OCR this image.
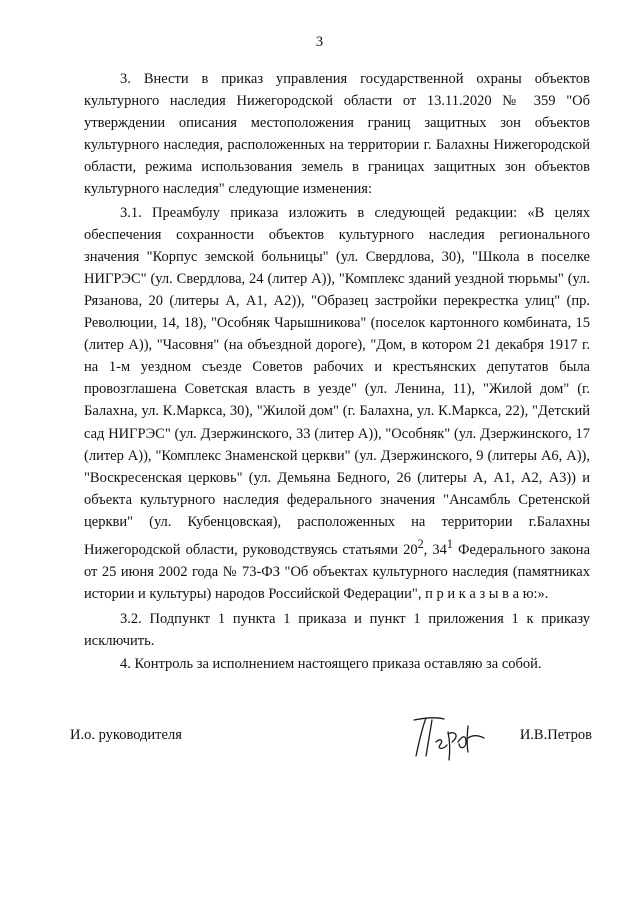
3

3. Внести в приказ управления государственной охраны объектов культурного наследия Нижегородской области от 13.11.2020 № 359 "Об утверждении описания местоположения границ защитных зон объектов культурного наследия, расположенных на территории г. Балахны Нижегородской области, режима использования земель в границах защитных зон объектов культурного наследия" следующие изменения:

3.1. Преамбулу приказа изложить в следующей редакции: «В целях обеспечения сохранности объектов культурного наследия регионального значения "Корпус земской больницы" (ул. Свердлова, 30), "Школа в поселке НИГРЭС" (ул. Свердлова, 24 (литер А)), "Комплекс зданий уездной тюрьмы" (ул. Рязанова, 20 (литеры А, А1, А2)), "Образец застройки перекрестка улиц" (пр. Революции, 14, 18), "Особняк Чарышникова" (поселок картонного комбината, 15 (литер А)), "Часовня" (на объездной дороге), "Дом, в котором 21 декабря 1917 г. на 1-м уездном съезде Советов рабочих и крестьянских депутатов была провозглашена Советская власть в уезде" (ул. Ленина, 11), "Жилой дом" (г. Балахна, ул. К.Маркса, 30), "Жилой дом" (г. Балахна, ул. К.Маркса, 22), "Детский сад НИГРЭС" (ул. Дзержинского, 33 (литер А)), "Особняк" (ул. Дзержинского, 17 (литер А)), "Комплекс Знаменской церкви" (ул. Дзержинского, 9 (литеры А6, А)), "Воскресенская церковь" (ул. Демьяна Бедного, 26 (литеры А, А1, А2, А3)) и объекта культурного наследия федерального значения "Ансамбль Сретенской церкви" (ул. Кубенцовская), расположенных на территории г.Балахны Нижегородской области, руководствуясь статьями $20^2$, $34^1$ Федерального закона от 25 июня 2002 года № 73-ФЗ "Об объектах культурного наследия (памятниках истории и культуры) народов Российской Федерации", п р и к а з ы в а ю:».

3.2. Подпункт 1 пункта 1 приказа и пункт 1 приложения 1 к приказу исключить.

4. Контроль за исполнением настоящего приказа оставляю за собой.

И.о. руководителя	И.В.Петров
